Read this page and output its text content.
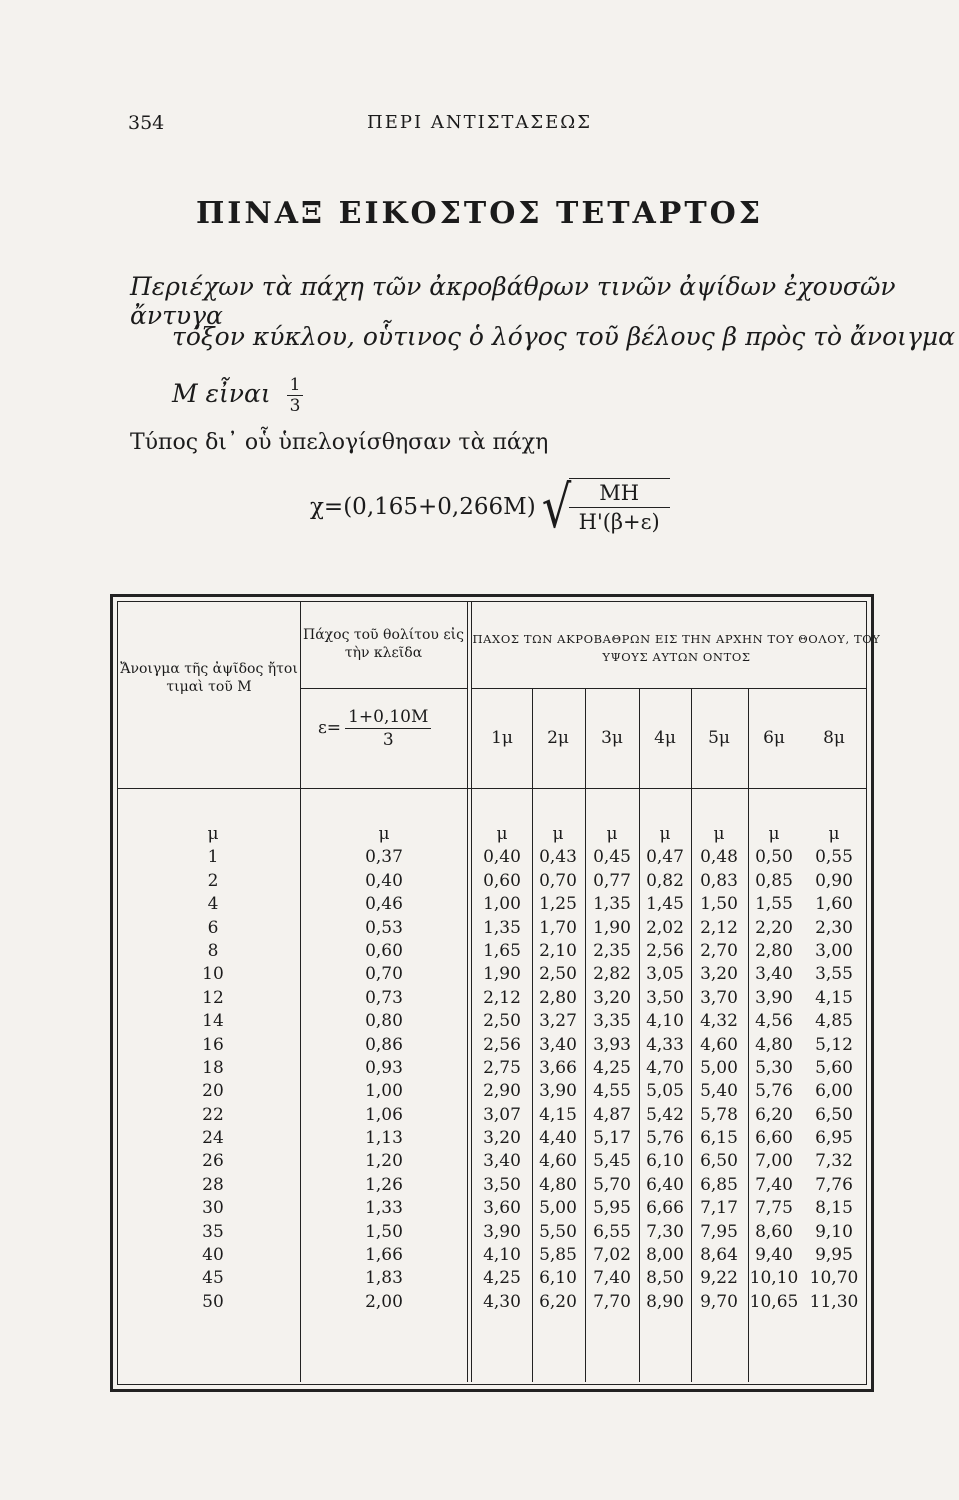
354	ΠΕΡΙ ΑΝΤΙΣΤΑΣΕΩΣ
ΠΙΝΑΞ ΕΙΚΟΣΤΟΣ ΤΕΤΑΡΤΟΣ
Περιέχων τὰ πάχη τῶν ἀκροβάθρων τινῶν ἀψίδων ἐχουσῶν ἄντυγα
τόξον κύκλου, οὗτινος ὁ λόγος τοῦ βέλους β πρὸς τὸ ἄνοιγμα
Μ εἶναι $\frac{1}{3}$
Τύπος δι᾽ οὗ ὑπελογίσθησαν τὰ πάχη
χ=(0,165+0,266Μ)√
$\frac{MH}{H'(\beta+\varepsilon)}$
Ἄνοιγμα τῆς ἀψῖδος ἤτοι τιμαὶ τοῦ Μ
Πάχος τοῦ θολίτου εἰς τὴν κλεῖδα
ΠΑΧΟΣ ΤΩΝ ΑΚΡΟΒΑΘΡΩΝ ΕΙΣ ΤΗΝ ΑΡΧΗΝ ΤΟΥ ΘΟΛΟΥ, ΤΟΥ ΥΨΟΥΣ ΑΥΤΩΝ ΟΝΤΟΣ
$\varepsilon= \frac{1+0,10M}{3}$	1μ 2μ 3μ 4μ 5μ 6μ 8μ
μ	μ	μ	μ	μ μ	μ	μ	μ
1	0,37	0,40 0,43 0,45 0,47 0,48 0,50 0,55
2	0,40	0,60 0,70 0,77 0,82 0,83 0,85 0,90
4	0,46	1,00 1,25 1,35 1,45 1,50 1,55 1,60
6	0,53	1,35 1,70 1,90 2,02 2,12 2,20 2,30
8	0,60	1,65 2,10 2,35 2,56 2,70 2,80 3,00
10	0,70	1,90 2,50 2,82 3,05 3,20 3,40 3,55
12	0,73	2,12 2,80 3,20 3,50 3,70 3,90 4,15
14	0,80	2,50 3,27 3,35 4,10 4,32 4,56 4,85
16	0,86	2,56 3,40 3,93 4,33 4,60 4,80 5,12
18	0,93	2,75 3,66 4,25 4,70 5,00 5,30 5,60
20	1,00	2,90 3,90 4,55 5,05 5,40 5,76 6,00
22	1,06	3,07 4,15 4,87 5,42 5,78 6,20 6,50
24	1,13	3,20 4,40 5,17 5,76 6,15 6,60 6,95
26	1,20	3,40 4,60 5,45 6,10 6,50 7,00 7,32
28	1,26	3,50 4,80 5,70 6,40 6,85 7,40 7,76
30	1,33	3,60 5,00 5,95 6,66 7,17 7,75 8,15
35	1,50	3,90 5,50 6,55 7,30 7,95 8,60 9,10
40	1,66	4,10 5,85 7,02 8,00 8,64 9,40 9,95
45	1,83	4,25 6,10 7,40 8,50 9,22 10,10 10,70
50	2,00	4,30 6,20 7,70 8,90 9,70 10,65 11,30
